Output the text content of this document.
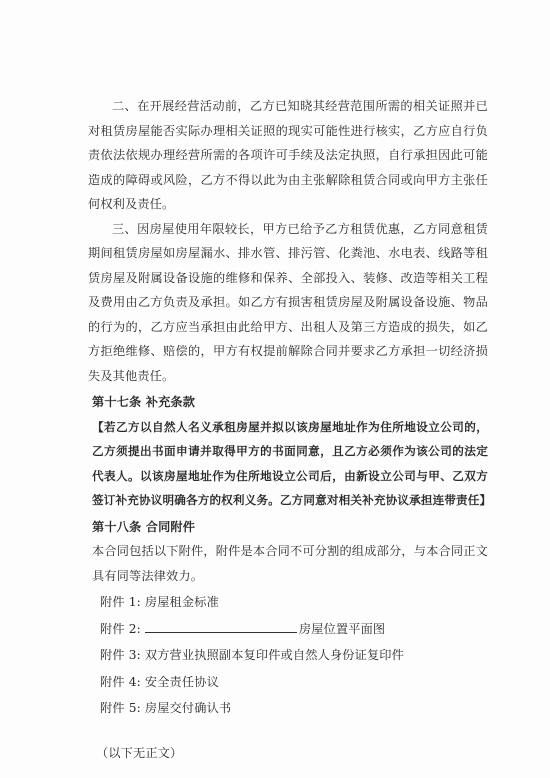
二、在开展经营活动前，乙方已知晓其经营范围所需的相关证照并已对租赁房屋能否实际办理相关证照的现实可能性进行核实，乙方应自行负责依法依规办理经营所需的各项许可手续及法定执照，自行承担因此可能造成的障碍或风险，乙方不得以此为由主张解除租赁合同或向甲方主张任何权利及责任。

三、因房屋使用年限较长，甲方已给予乙方租赁优惠，乙方同意租赁期间租赁房屋如房屋漏水、排水管、排污管、化粪池、水电表、线路等租赁房屋及附属设备设施的维修和保养、全部投入、装修、改造等相关工程及费用由乙方负责及承担。如乙方有损害租赁房屋及附属设备设施、物品的行为的，乙方应当承担由此给甲方、出租人及第三方造成的损失，如乙方拒绝维修、赔偿的，甲方有权提前解除合同并要求乙方承担一切经济损失及其他责任。

第十七条 补充条款

【若乙方以自然人名义承租房屋并拟以该房屋地址作为住所地设立公司的，乙方须提出书面申请并取得甲方的书面同意，且乙方必须作为该公司的法定代表人。以该房屋地址作为住所地设立公司后，由新设立公司与甲、乙双方签订补充协议明确各方的权利义务。乙方同意对相关补充协议承担连带责任】

第十八条 合同附件

本合同包括以下附件，附件是本合同不可分割的组成部分，与本合同正文具有同等法律效力。

附件 1: 房屋租金标准
附件 2:	房屋位置平面图
附件 3: 双方营业执照副本复印件或自然人身份证复印件
附件 4: 安全责任协议
附件 5: 房屋交付确认书

（以下无正文）
